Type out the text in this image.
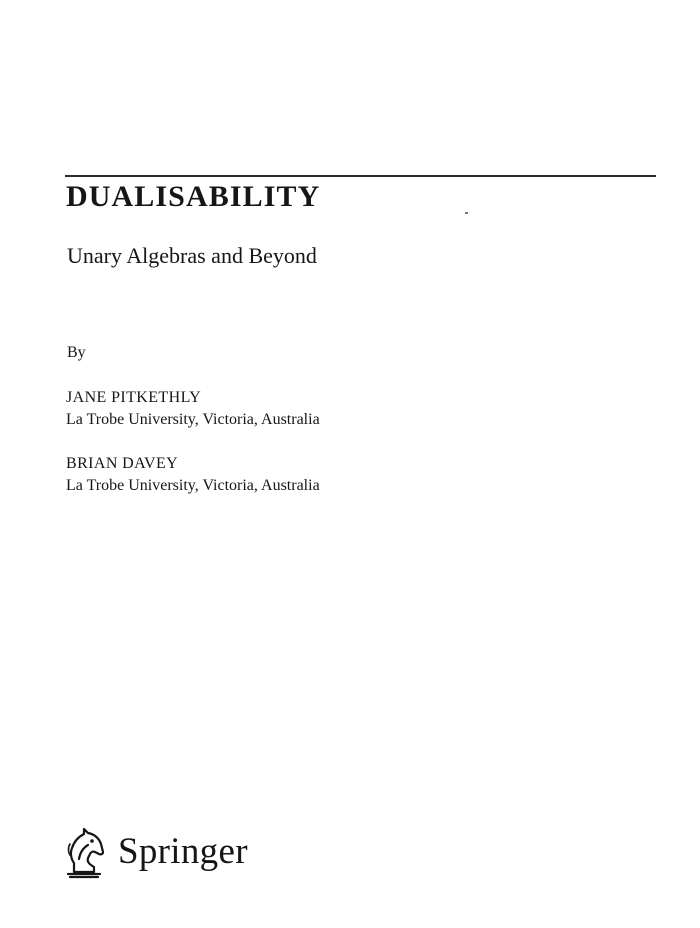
DUALISABILITY
Unary Algebras and Beyond
By
JANE PITKETHLY
La Trobe University, Victoria, Australia
BRIAN DAVEY
La Trobe University, Victoria, Australia
Springer
